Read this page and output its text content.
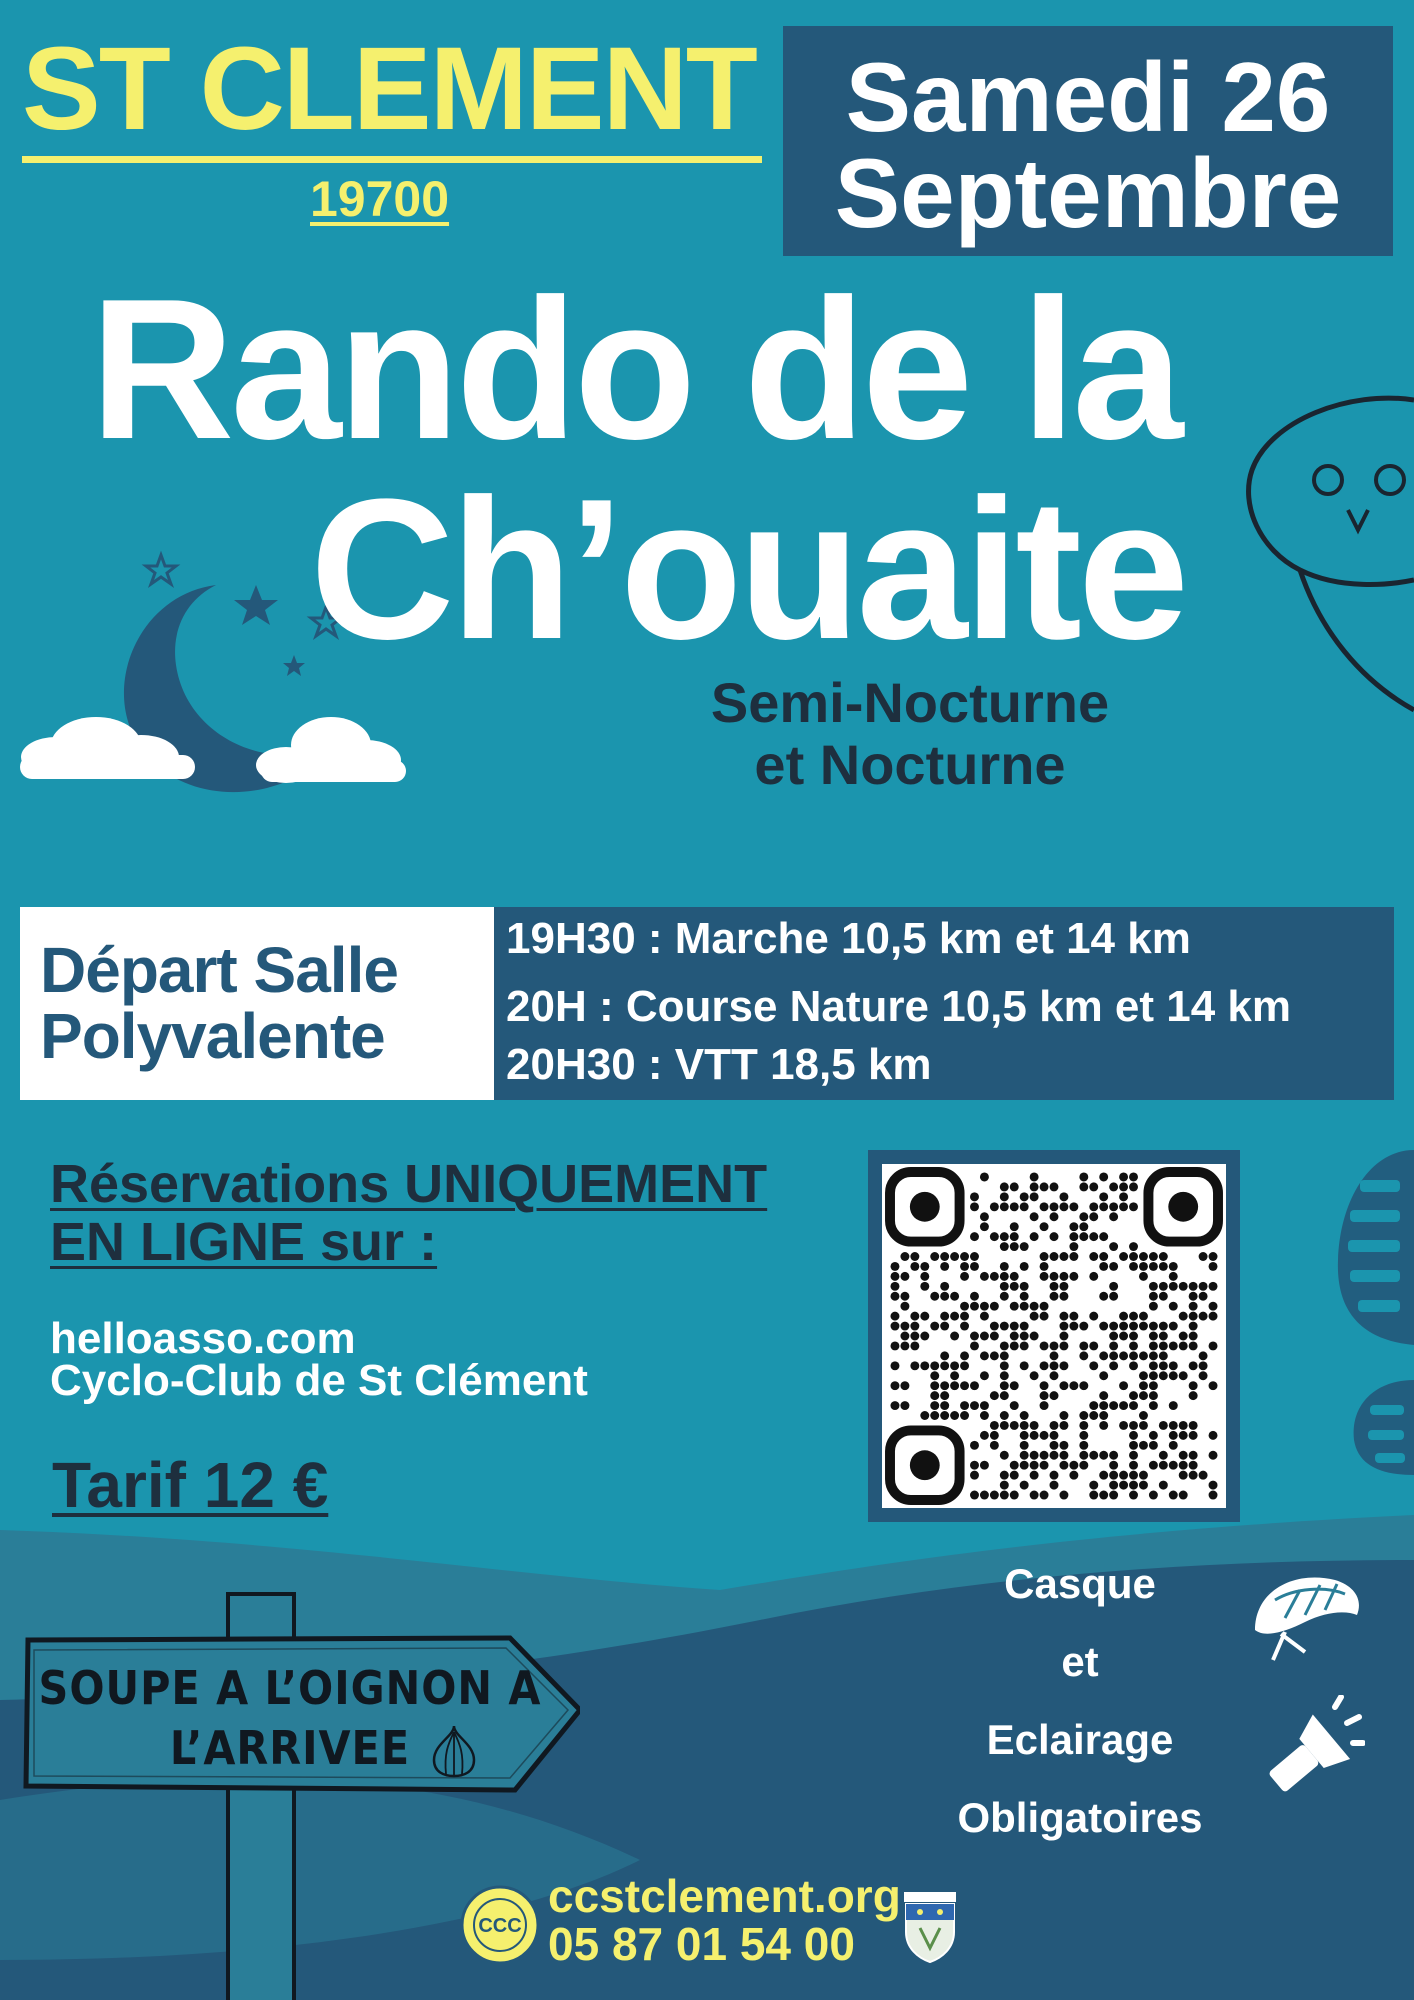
ST CLEMENT
19700
Samedi 26
Septembre
Rando de la
Ch’ouaite
Semi-Nocturne
et Nocturne
Départ Salle
Polyvalente
19H30 : Marche 10,5 km et 14 km
20H : Course Nature 10,5 km et 14 km
20H30 : VTT 18,5 km
Réservations UNIQUEMENT
EN LIGNE sur :
helloasso.com
Cyclo-Club de St Clément
Tarif 12 €
SOUPE A L’OIGNON A
L’ARRIVEE
Casque
et
Eclairage
Obligatoires
CCC
ccstclement.org
05 87 01 54 00
